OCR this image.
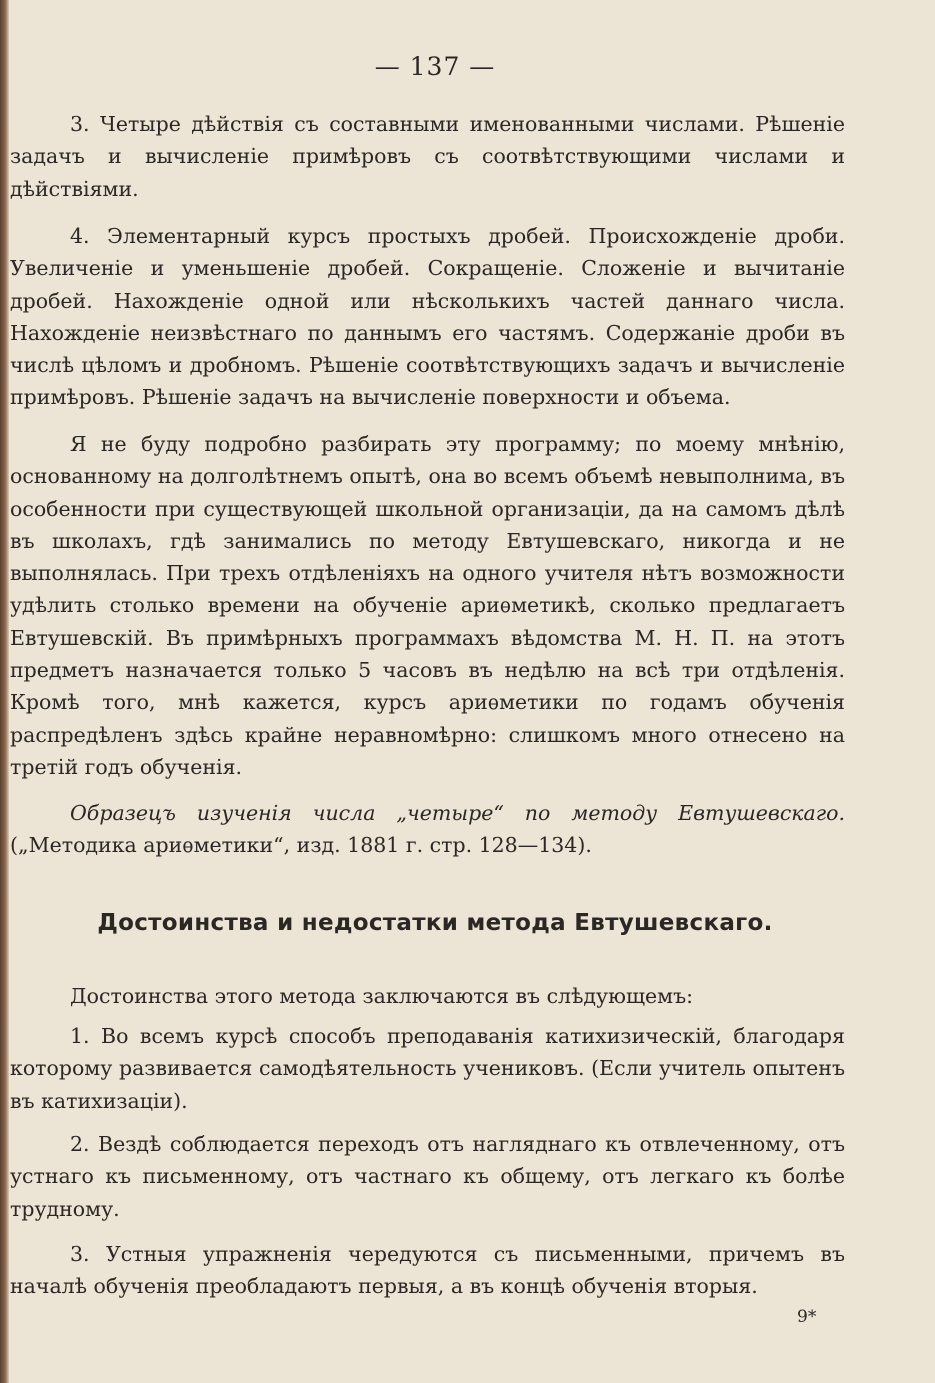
— 137 —

3. Четыре дѣйствія съ составными именованными числами. Рѣшеніе задачъ и вычисленіе примѣровъ съ соотвѣтствующими числами и дѣйствіями.

4. Элементарный курсъ простыхъ дробей. Происхожденіе дроби. Увеличеніе и уменьшеніе дробей. Сокращеніе. Сложеніе и вычитаніе дробей. Нахожденіе одной или нѣсколькихъ частей даннаго числа. Нахожденіе неизвѣстнаго по даннымъ его частямъ. Содержаніе дроби въ числѣ цѣломъ и дробномъ. Рѣшеніе соотвѣтствующихъ задачъ и вычисленіе примѣровъ. Рѣшеніе задачъ на вычисленіе поверхности и объема.

Я не буду подробно разбирать эту программу; по моему мнѣнію, основанному на долголѣтнемъ опытѣ, она во всемъ объемѣ невыполнима, въ особенности при существующей школьной организаціи, да на самомъ дѣлѣ въ школахъ, гдѣ занимались по методу Евтушевскаго, никогда и не выполнялась. При трехъ отдѣленіяхъ на одного учителя нѣтъ возможности удѣлить столько времени на обученіе ариѳметикѣ, сколько предлагаетъ Евтушевскій. Въ примѣрныхъ программахъ вѣдомства М. Н. П. на этотъ предметъ назначается только 5 часовъ въ недѣлю на всѣ три отдѣленія. Кромѣ того, мнѣ кажется, курсъ ариѳметики по годамъ обученія распредѣленъ здѣсь крайне неравномѣрно: слишкомъ много отнесено на третій годъ обученія.

Образецъ изученія числа „четыре“ по методу Евтушевскаго. („Методика ариѳметики“, изд. 1881 г. стр. 128—134).

Достоинства и недостатки метода Евтушевскаго.

Достоинства этого метода заключаются въ слѣдующемъ:

1. Во всемъ курсѣ способъ преподаванія катихизическій, благодаря которому развивается самодѣятельность учениковъ. (Если учитель опытенъ въ катихизаціи).

2. Вездѣ соблюдается переходъ отъ нагляднаго къ отвлеченному, отъ устнаго къ письменному, отъ частнаго къ общему, отъ легкаго къ болѣе трудному.

3. Устныя упражненія чередуются съ письменными, причемъ въ началѣ обученія преобладаютъ первыя, а въ концѣ обученія вторыя.

9*
